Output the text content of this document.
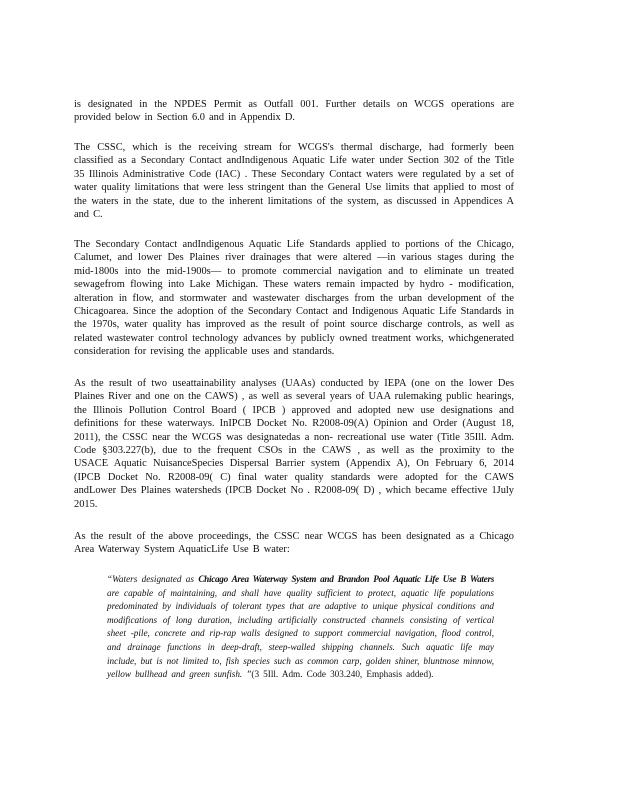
is designated in the NPDES Permit as Outfall 001. Further details on WCGS operations are provided below in Section 6.0 and in Appendix D.

The CSSC, which is the receiving stream for WCGS's thermal discharge, had formerly been classified as a Secondary Contact andIndigenous Aquatic Life water under Section 302 of the Title 35 Illinois Administrative Code (IAC) . These Secondary Contact waters were regulated by a set of water quality limitations that were less stringent than the General Use limits that applied to most of the waters in the state, due to the inherent limitations of the system, as discussed in Appendices A and C.

The Secondary Contact andIndigenous Aquatic Life Standards applied to portions of the Chicago, Calumet, and lower Des Plaines river drainages that were altered —in various stages during the mid-1800s into the mid-1900s— to promote commercial navigation and to eliminate un treated sewagefrom flowing into Lake Michigan. These waters remain impacted by hydro - modification, alteration in flow, and stormwater and wastewater discharges from the urban development of the Chicagoarea. Since the adoption of the Secondary Contact and Indigenous Aquatic Life Standards in the 1970s, water quality has improved as the result of point source discharge controls, as well as related wastewater control technology advances by publicly owned treatment works, whichgenerated consideration for revising the applicable uses and standards.

As the result of two useattainability analyses (UAAs) conducted by IEPA (one on the lower Des Plaines River and one on the CAWS) , as well as several years of UAA rulemaking public hearings, the Illinois Pollution Control Board ( IPCB ) approved and adopted new use designations and definitions for these waterways. InIPCB Docket No. R2008-09(A) Opinion and Order (August 18, 2011), the CSSC near the WCGS was designatedas a non- recreational use water (Title 35Ill. Adm. Code §303.227(b), due to the frequent CSOs in the CAWS , as well as the proximity to the USACE Aquatic NuisanceSpecies Dispersal Barrier system (Appendix A), On February 6, 2014 (IPCB Docket No. R2008-09( C) final water quality standards were adopted for the CAWS andLower Des Plaines watersheds (IPCB Docket No . R2008-09( D) , which became effective 1July 2015.

As the result of the above proceedings, the CSSC near WCGS has been designated as a Chicago Area Waterway System AquaticLife Use B water:

“Waters designated as Chicago Area Waterway System and Brandon Pool Aquatic Life Use B Waters are capable of maintaining, and shall have quality sufficient to protect, aquatic life populations predominated by individuals of tolerant types that are adaptive to unique physical conditions and modifications of long duration, including artificially constructed channels consisting of vertical sheet -pile, concrete and rip-rap walls designed to support commercial navigation, flood control, and drainage functions in deep-draft, steep-walled shipping channels. Such aquatic life may include, but is not limited to, fish species such as common carp, golden shiner, bluntnose minnow, yellow bullhead and green sunfish. ”(3 5Ill. Adm. Code 303.240, Emphasis added).
